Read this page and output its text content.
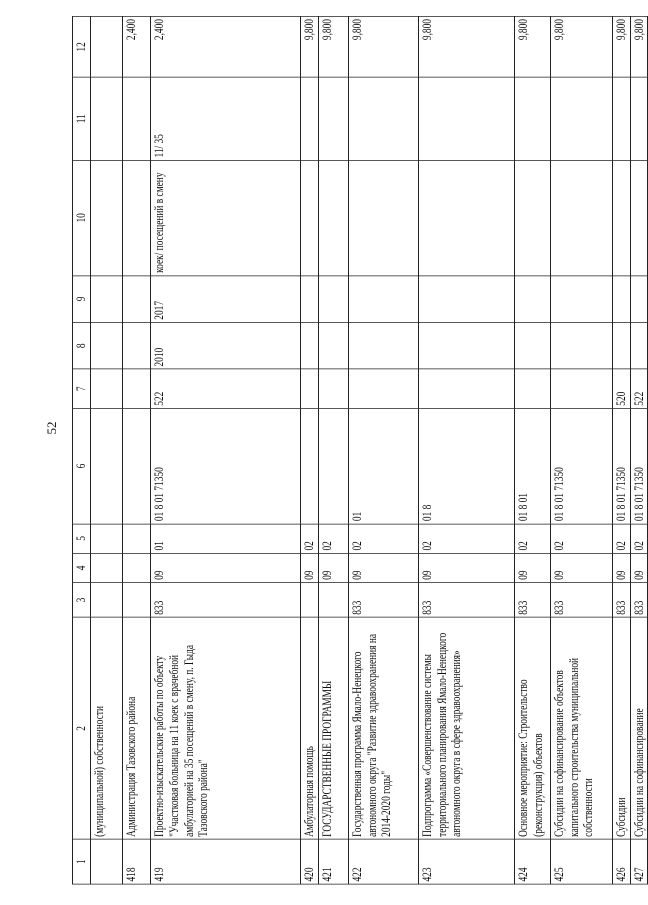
52
1	2	3	4	5	6	7	8	9	10	11	12
	(муниципальной) собственности										
418	Администрация Тазовского района										2,400
419	Проектно-изыскательские работы по объекту "Участковая больница на 11 коек с врачебной амбулаторией на 35 посещений в смену, п. Гыда Тазовского района"	833	09	01	01 8 01 71350	522	2010	2017	коек/ посещений в смену	11/ 35	2,400
420	Амбулаторная помощь		09	02							9,800
421	ГОСУДАРСТВЕННЫЕ ПРОГРАММЫ		09	02							9,800
422	Государственная программа Ямало-Ненецкого автономного округа "Развитие здравоохранения на 2014-2020 годы"	833	09	02	01						9,800
423	Подпрограмма «Совершенствование системы территориального планирования Ямало-Ненецкого автономного округа в сфере здравоохранения»	833	09	02	01 8						9,800
424	Основное мероприятие: Строительство (реконструкция) объектов	833	09	02	01 8 01						9,800
425	Субсидии на софинансирование объектов капитального строительства муниципальной собственности	833	09	02	01 8 01 71350						9,800
426	Субсидии	833	09	02	01 8 01 71350	520					9,800
427	Субсидии на софинансирование	833	09	02	01 8 01 71350	522					9,800
